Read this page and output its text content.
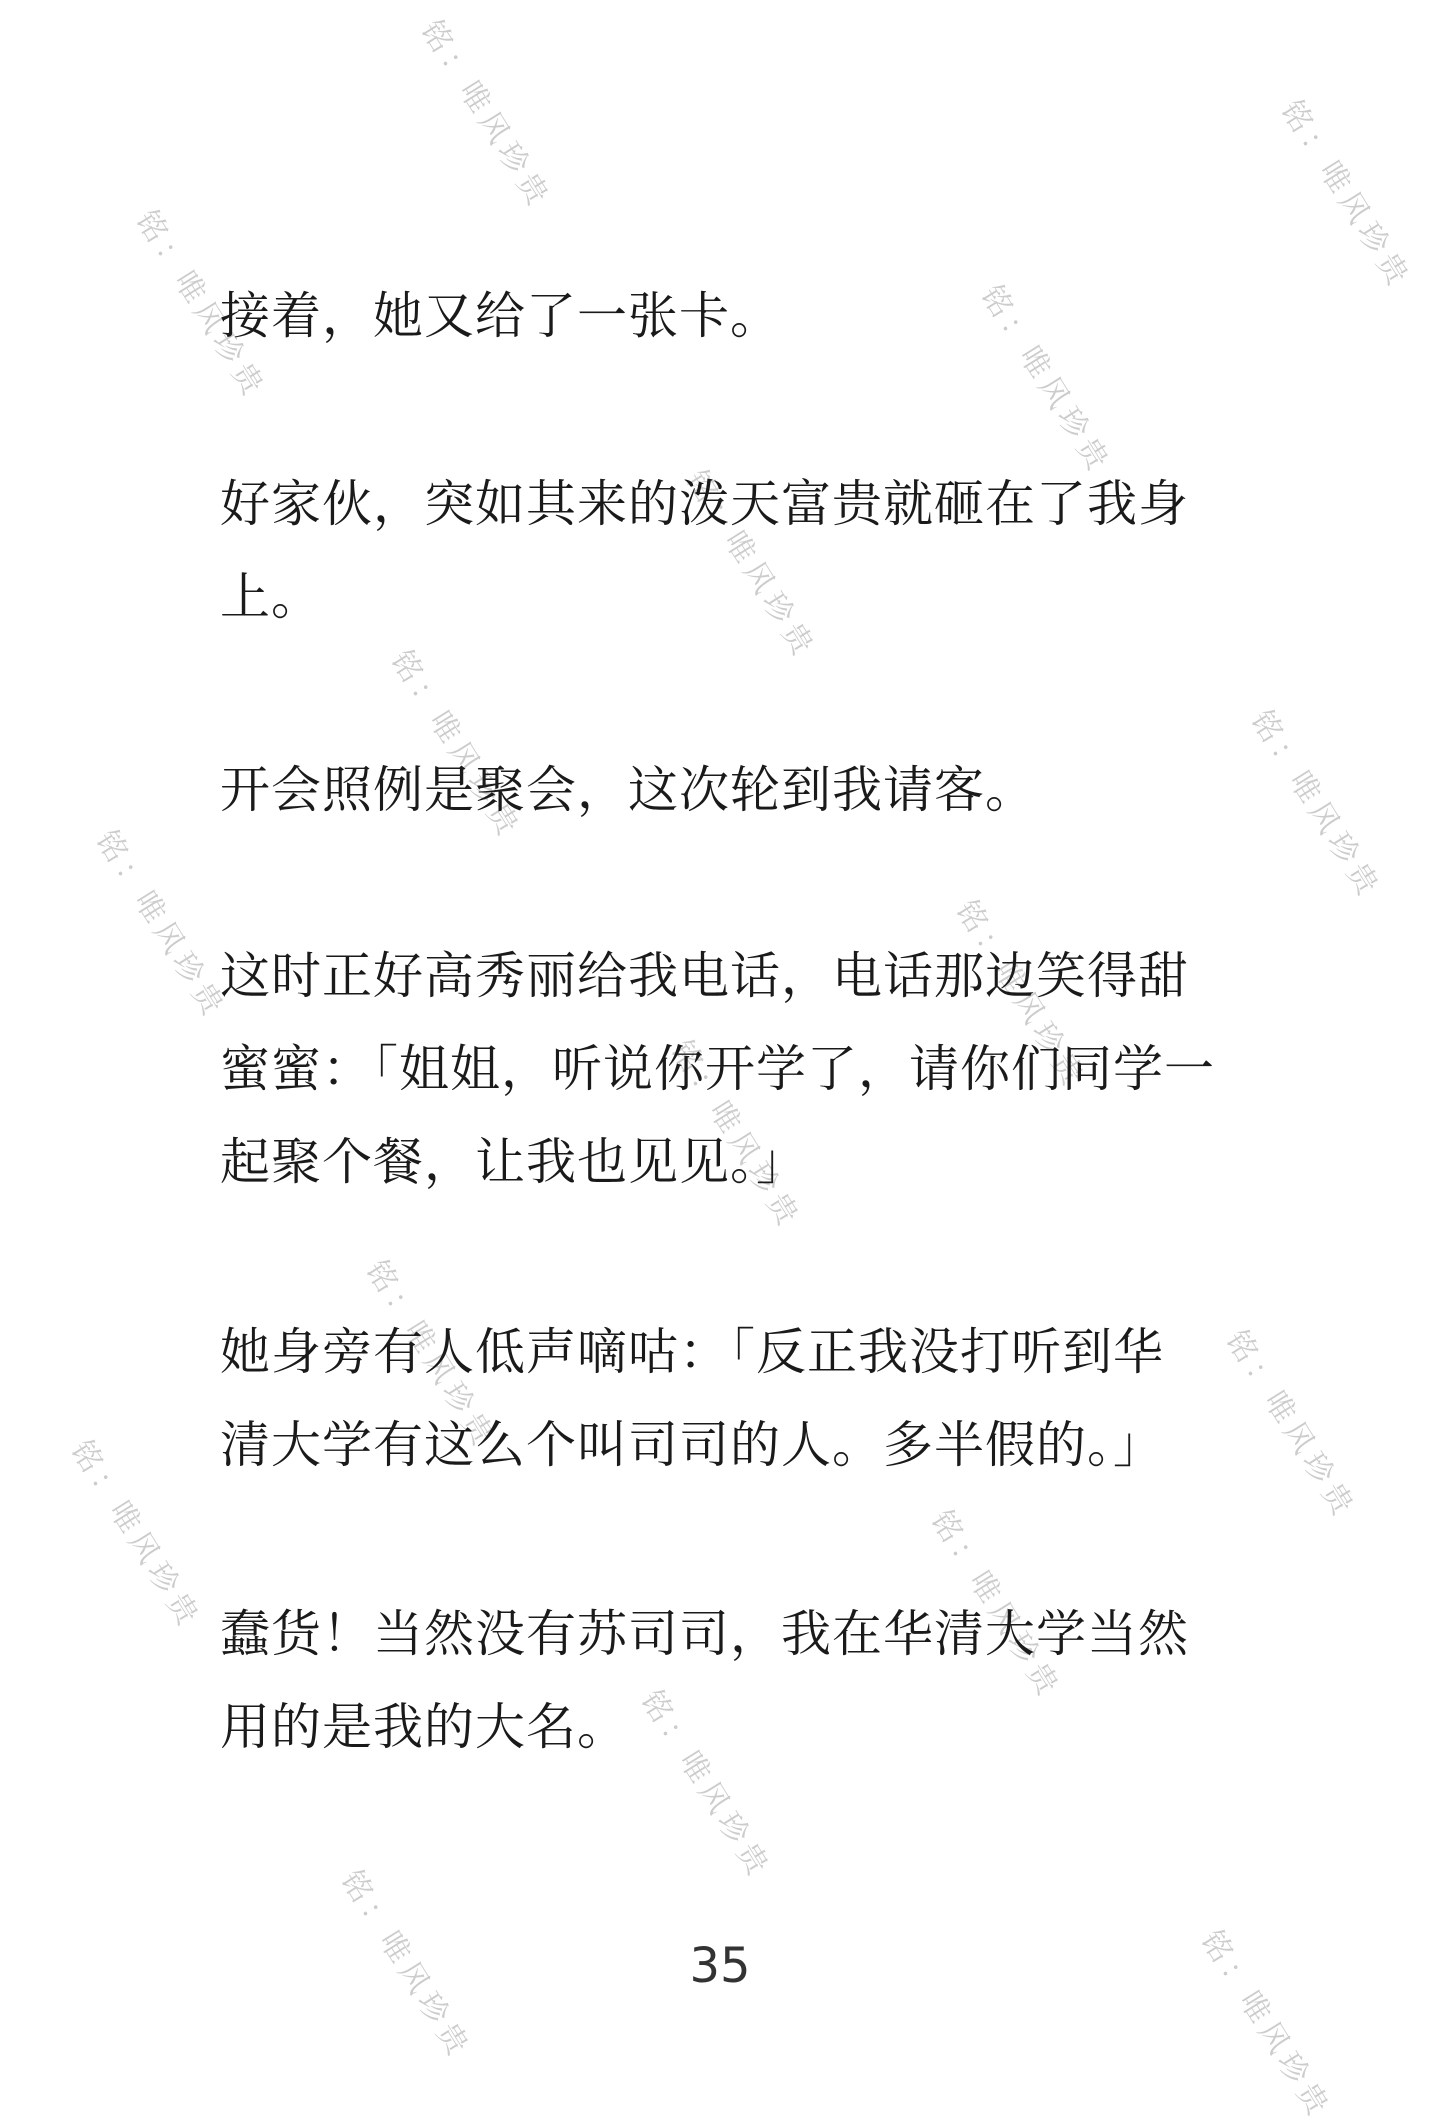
铭：唯风珍贵	铭：唯风珍贵
铭：唯风珍贵	铭：唯风珍贵
铭：唯风珍贵
铭：唯风珍贵	铭：唯风珍贵
铭：唯风珍贵	铭：唯风珍贵
铭：唯风珍贵
铭：唯风珍贵	铭：唯风珍贵
铭：唯风珍贵	铭：唯风珍贵
铭：唯风珍贵
铭：唯风珍贵	铭：唯风珍贵
接着，她又给了一张卡。
好家伙，突如其来的泼天富贵就砸在了我身
上。
开会照例是聚会，这次轮到我请客。
这时正好高秀丽给我电话，电话那边笑得甜
蜜蜜：「姐姐，听说你开学了，请你们同学一
起聚个餐，让我也见见。」
她身旁有人低声嘀咕：「反正我没打听到华
清大学有这么个叫司司的人。多半假的。」
蠢货！当然没有苏司司，我在华清大学当然
用的是我的大名。
35
